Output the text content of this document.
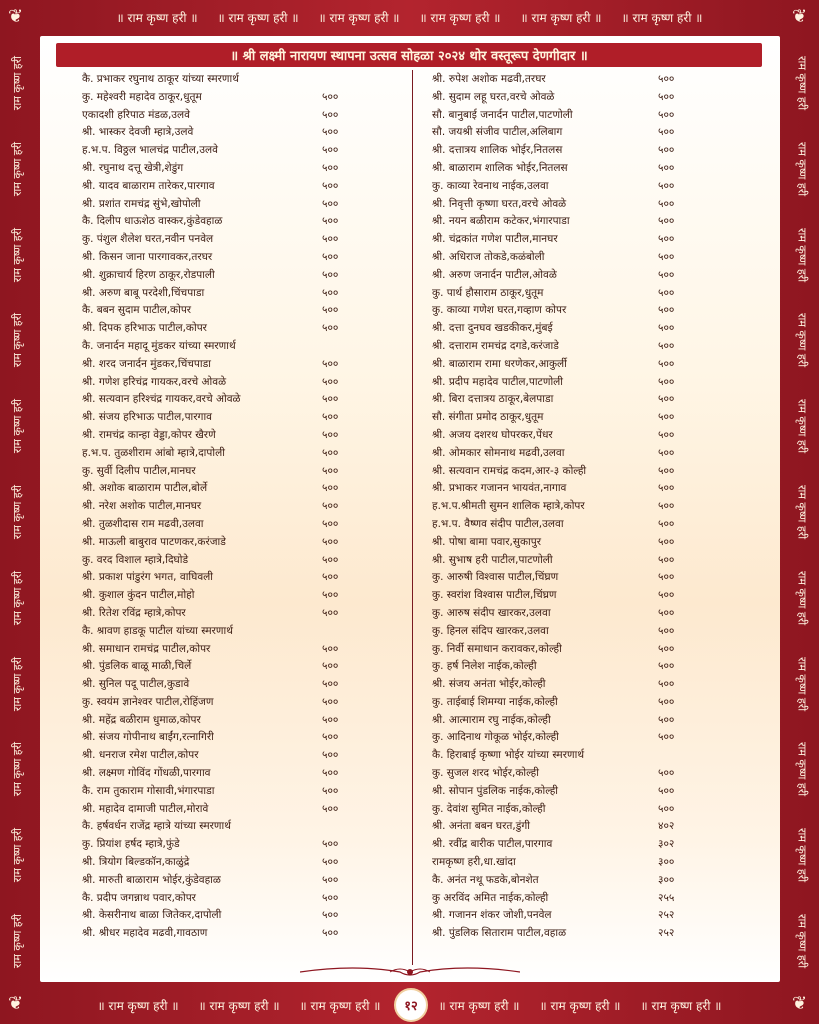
॥ राम कृष्ण हरी ॥ ॥ राम कृष्ण हरी ॥ ॥ राम कृष्ण हरी ॥ ॥ राम कृष्ण हरी ॥ ॥ राम कृष्ण हरी ॥ ॥ राम कृष्ण हरी ॥
❦	❦
राम कृष्ण हरी
राम कृष्ण हरी
राम कृष्ण हरी
राम कृष्ण हरी
राम कृष्ण हरी
राम कृष्ण हरी
राम कृष्ण हरी
राम कृष्ण हरी
राम कृष्ण हरी
राम कृष्ण हरी
राम कृष्ण हरी
राम कृष्ण हरी
राम कृष्ण हरी
राम कृष्ण हरी
राम कृष्ण हरी
राम कृष्ण हरी
राम कृष्ण हरी
राम कृष्ण हरी
राम कृष्ण हरी
राम कृष्ण हरी
राम कृष्ण हरी
राम कृष्ण हरी
॥ श्री लक्ष्मी नारायण स्थापना उत्सव सोहळा २०२४ थोर वस्तूरूप देणगीदार ॥
कै. प्रभाकर रघुनाथ ठाकूर यांच्या स्मरणार्थ
कु. महेश्वरी महादेव ठाकूर,धुतूम	५००
एकादशी हरिपाठ मंडळ,उलवे	५००
श्री. भास्कर देवजी म्हात्रे,उलवे	५००
ह.भ.प. विठ्ठल भालचंद्र पाटील,उलवे	५००
श्री. रघुनाथ दत्तू खेत्री,शेडुंग	५००
श्री. यादव बाळाराम तारेकर,पारगाव	५००
श्री. प्रशांत रामचंद्र सुंभे,खोपोली	५००
कै. दिलीप धाऊशेठ वास्कर,कुंडेवहाळ	५००
कु. पंशुल शैलेश घरत,नवीन पनवेल	५००
श्री. किसन जाना पारगावकर,तरघर	५००
श्री. शुक्राचार्य हिरण ठाकूर,रोडपाली	५००
श्री. अरुण बाबू परदेशी,चिंचपाडा	५००
कै. बबन सुदाम पाटील,कोपर	५००
श्री. दिपक हरिभाऊ पाटील,कोपर	५००
कै. जनार्दन महादू मुंडकर यांच्या स्मरणार्थ
श्री. शरद जनार्दन मुंडकर,चिंचपाडा	५००
श्री. गणेश हरिचंद्र गायकर,वरचे ओवळे	५००
श्री. सत्यवान हरिश्चंद्र गायकर,वरचे ओवळे	५००
श्री. संजय हरिभाऊ पाटील,पारगाव	५००
श्री. रामचंद्र कान्हा वेड्डा,कोपर खैरणे	५००
ह.भ.प. तुळशीराम आंबो म्हात्रे,दापोली	५००
कु. सुर्वी दिलीप पाटील,मानघर	५००
श्री. अशोक बाळाराम पाटील,बोर्ले	५००
श्री. नरेश अशोक पाटील,मानघर	५००
श्री. तुळशीदास राम मढवी,उलवा	५००
श्री. माऊली बाबुराव पाटणकर,करंजाडे	५००
कु. वरद विशाल म्हात्रे,दिघोडे	५००
श्री. प्रकाश पांडुरंग भगत, वाघिवली	५००
श्री. कुशाल कुंदन पाटील,मोहो	५००
श्री. रितेश रविंद्र म्हात्रे,कोपर	५००
कै. श्रावण हाडकू पाटील यांच्या स्मरणार्थ
श्री. समाधान रामचंद्र पाटील,कोपर	५००
श्री. पुंडलिक बाळू माळी,चिर्ले	५००
श्री. सुनिल पदू पाटील,कुडावे	५००
कु. स्वयंम ज्ञानेश्वर पाटील,रोहिंजण	५००
श्री. महेंद्र बळीराम धुमाळ,कोपर	५००
श्री. संजय गोपीनाथ बाईंग,रत्नागिरी	५००
श्री. धनराज रमेश पाटील,कोपर	५००
श्री. लक्ष्मण गोविंद गोंधळी,पारगाव	५००
कै. राम तुकाराम गोसावी,भंगारपाडा	५००
श्री. महादेव दामाजी पाटील,मोरावे	५००
कै. हर्षवर्धन राजेंद्र म्हात्रे यांच्या स्मरणार्थ
कु. प्रियांश हर्षद म्हात्रे,फुंडे	५००
श्री. त्रियोग बिल्डकॉन,काळुंद्रे	५००
श्री. मारुती बाळाराम भोईर,कुंडेवहाळ	५००
कै. प्रदीप जगन्नाथ पवार,कोपर	५००
श्री. केसरीनाथ बाळा जितेकर,दापोली	५००
श्री. श्रीधर महादेव मढवी,गावठाण	५००
श्री. रुपेश अशोक मढवी,तरघर	५००
श्री. सुदाम लहू घरत,वरचे ओवळे	५००
सौ. बानुबाई जनार्दन पाटील,पाटणोली	५००
सौ. जयश्री संजीव पाटील,अलिबाग	५००
श्री. दत्तात्रय शालिक भोईर,नितलस	५००
श्री. बाळाराम शालिक भोईर,नितलस	५००
कु. काव्या रेवनाथ नाईक,उलवा	५००
श्री. निवृत्ती कृष्णा घरत,वरचे ओवळे	५००
श्री. नयन बळीराम कटेकर,भंगारपाडा	५००
श्री. चंद्रकांत गणेश पाटील,मानघर	५००
श्री. अधिराज तोकडे,कळंबोली	५००
श्री. अरुण जनार्दन पाटील,ओवळे	५००
कु. पार्थ हौसाराम ठाकूर,धुतूम	५००
कु. काव्या गणेश घरत,गव्हाण कोपर	५००
श्री. दत्ता दुनघव खडकीकर,मुंबई	५००
श्री. दत्ताराम रामचंद्र दगडे,करंजाडे	५००
श्री. बाळाराम रामा धरणेकर,आकुर्ली	५००
श्री. प्रदीप महादेव पाटील,पाटणोली	५००
श्री. बिरा दत्तात्रय ठाकूर,बेलपाडा	५००
सौ. संगीता प्रमोद ठाकूर,धुतूम	५००
श्री. अजय दशरथ घोपरकर,पेंधर	५००
श्री. ओमकार सोमनाथ मढवी,उलवा	५००
श्री. सत्यवान रामचंद्र कदम,आर-३ कोल्ही	५००
श्री. प्रभाकर गजानन भायवंत,नागाव	५००
ह.भ.प.श्रीमती सुमन शालिक म्हात्रे,कोपर	५००
ह.भ.प. वैष्णव संदीप पाटील,उलवा	५००
श्री. पोषा बामा पवार,सुकापुर	५००
श्री. सुभाष हरी पाटील,पाटणोली	५००
कु. आरुषी विश्वास पाटील,चिंघ्रण	५००
कु. स्वरांश विश्वास पाटील,चिंघ्रण	५००
कु. आरुष संदीप खारकर,उलवा	५००
कु. हिनल संदिप खारकर,उलवा	५००
कु. निर्वी समाधान करावकर,कोल्ही	५००
कु. हर्ष निलेश नाईक,कोल्ही	५००
श्री. संजय अनंता भोईर,कोल्ही	५००
कु. ताईबाई शिमग्या नाईक,कोल्ही	५००
श्री. आत्माराम रघु नाईक,कोल्ही	५००
कु. आदिनाथ गोकूळ भोईर,कोल्ही	५००
कै. हिराबाई कृष्णा भोईर यांच्या स्मरणार्थ
कु. सुजल शरद भोईर,कोल्ही	५००
श्री. सोपान पुंडलिक नाईक,कोल्ही	५००
कु. देवांश सुमित नाईक,कोल्ही	५००
श्री. अनंता बबन घरत,डुंगी	४०२
श्री. रवींद्र बारीक पाटील,पारगाव	३०२
रामकृष्ण हरी,धा.खांदा	३००
कै. अनंत नथू फडके,बोनशेत	३००
कु अरविंद अमित नाईक,कोल्ही	२५५
श्री. गजानन शंकर जोशी,पनवेल	२५२
श्री. पुंडलिक सिताराम पाटील,वहाळ	२५२
॥ राम कृष्ण हरी ॥ ॥ राम कृष्ण हरी ॥ ॥ राम कृष्ण हरी ॥	॥ राम कृष्ण हरी ॥ ॥ राम कृष्ण हरी ॥ ॥ राम कृष्ण हरी ॥
❦	❦
१२
